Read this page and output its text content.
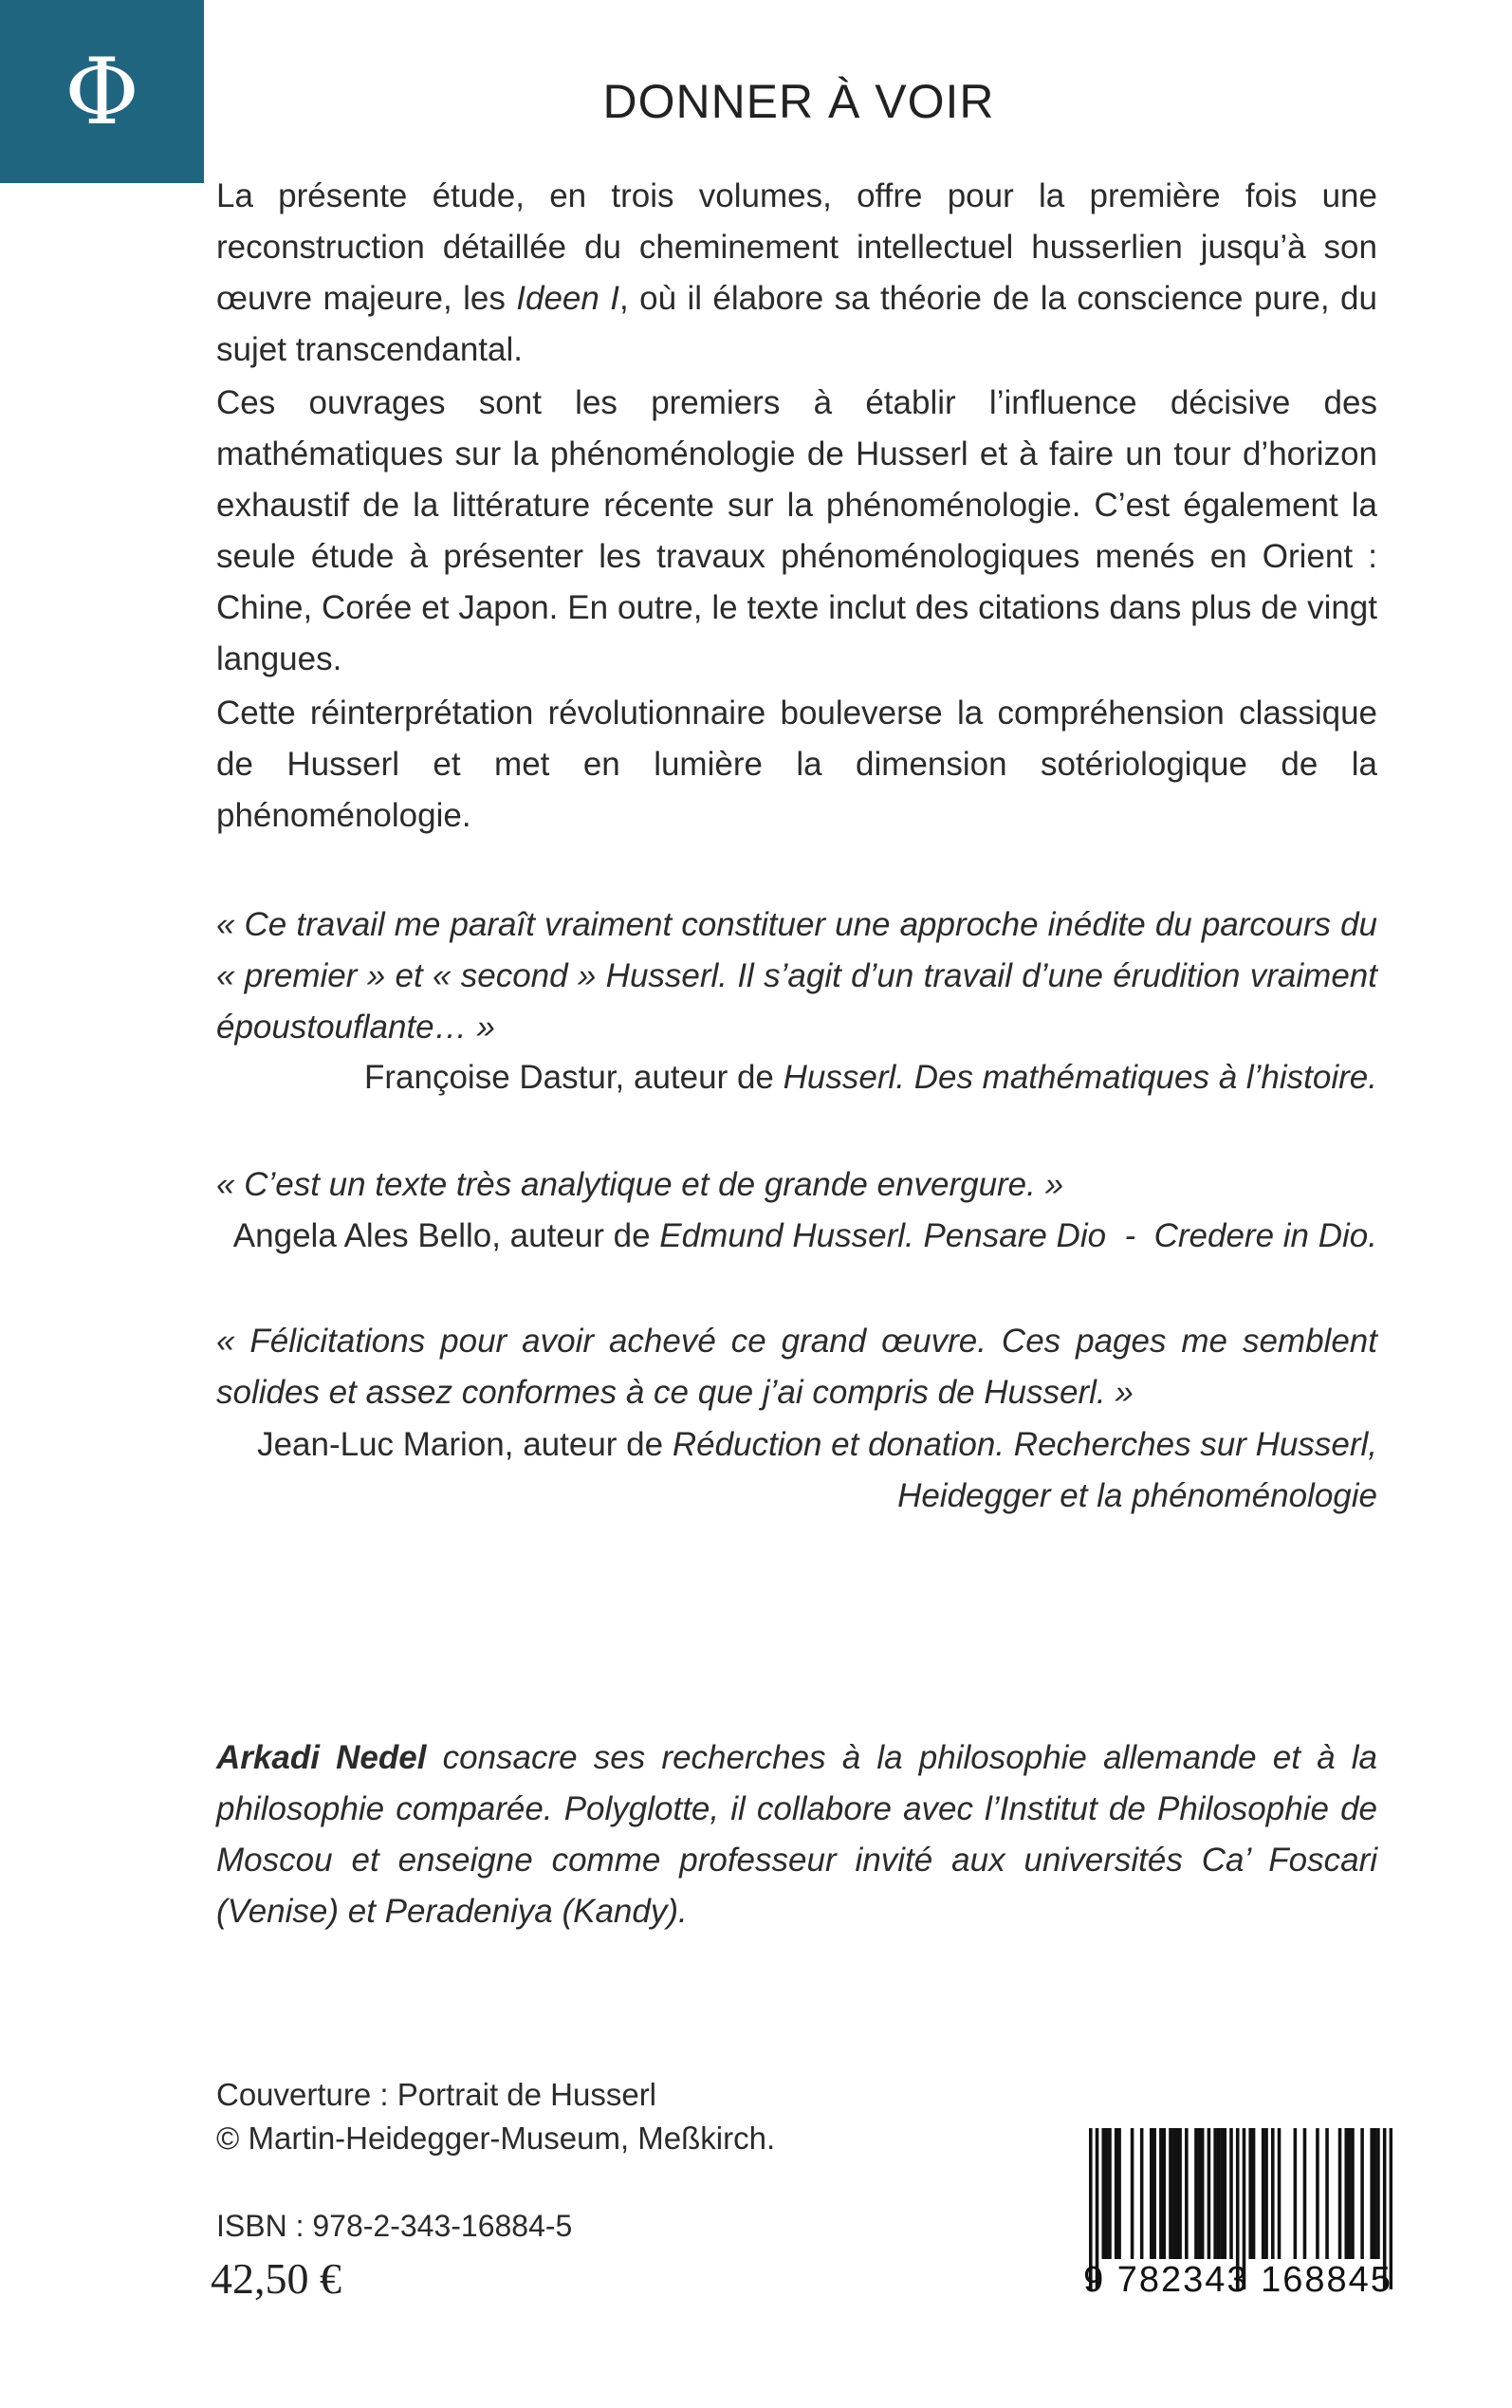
Φ	DONNER À VOIR

La présente étude, en trois volumes, offre pour la première fois une reconstruction détaillée du cheminement intellectuel husserlien jusqu’à son œuvre majeure, les Ideen I, où il élabore sa théorie de la conscience pure, du sujet transcendantal.

Ces ouvrages sont les premiers à établir l’influence décisive des mathématiques sur la phénoménologie de Husserl et à faire un tour d’horizon exhaustif de la littérature récente sur la phénoménologie. C’est également la seule étude à présenter les travaux phénoménologiques menés en Orient : Chine, Corée et Japon. En outre, le texte inclut des citations dans plus de vingt langues.

Cette réinterprétation révolutionnaire bouleverse la compréhension classique de Husserl et met en lumière la dimension sotériologique de la phénoménologie.

« Ce travail me paraît vraiment constituer une approche inédite du parcours du « premier » et « second » Husserl. Il s’agit d’un travail d’une érudition vraiment époustouflante… »

Françoise Dastur, auteur de Husserl. Des mathématiques à l’histoire.

« C’est un texte très analytique et de grande envergure. »

Angela Ales Bello, auteur de Edmund Husserl. Pensare Dio  -  Credere in Dio.

« Félicitations pour avoir achevé ce grand œuvre. Ces pages me semblent solides et assez conformes à ce que j’ai compris de Husserl. »

Jean-Luc Marion, auteur de Réduction et donation. Recherches sur Husserl,

Heidegger et la phénoménologie

Arkadi Nedel consacre ses recherches à la philosophie allemande et à la philosophie comparée. Polyglotte, il collabore avec l’Institut de Philosophie de Moscou et enseigne comme professeur invité aux universités Ca’ Foscari (Venise) et Peradeniya (Kandy).

Couverture : Portrait de Husserl

© Martin-Heidegger-Museum, Meßkirch.

ISBN : 978-2-343-16884-5

42,50 €	9 782343 168845
